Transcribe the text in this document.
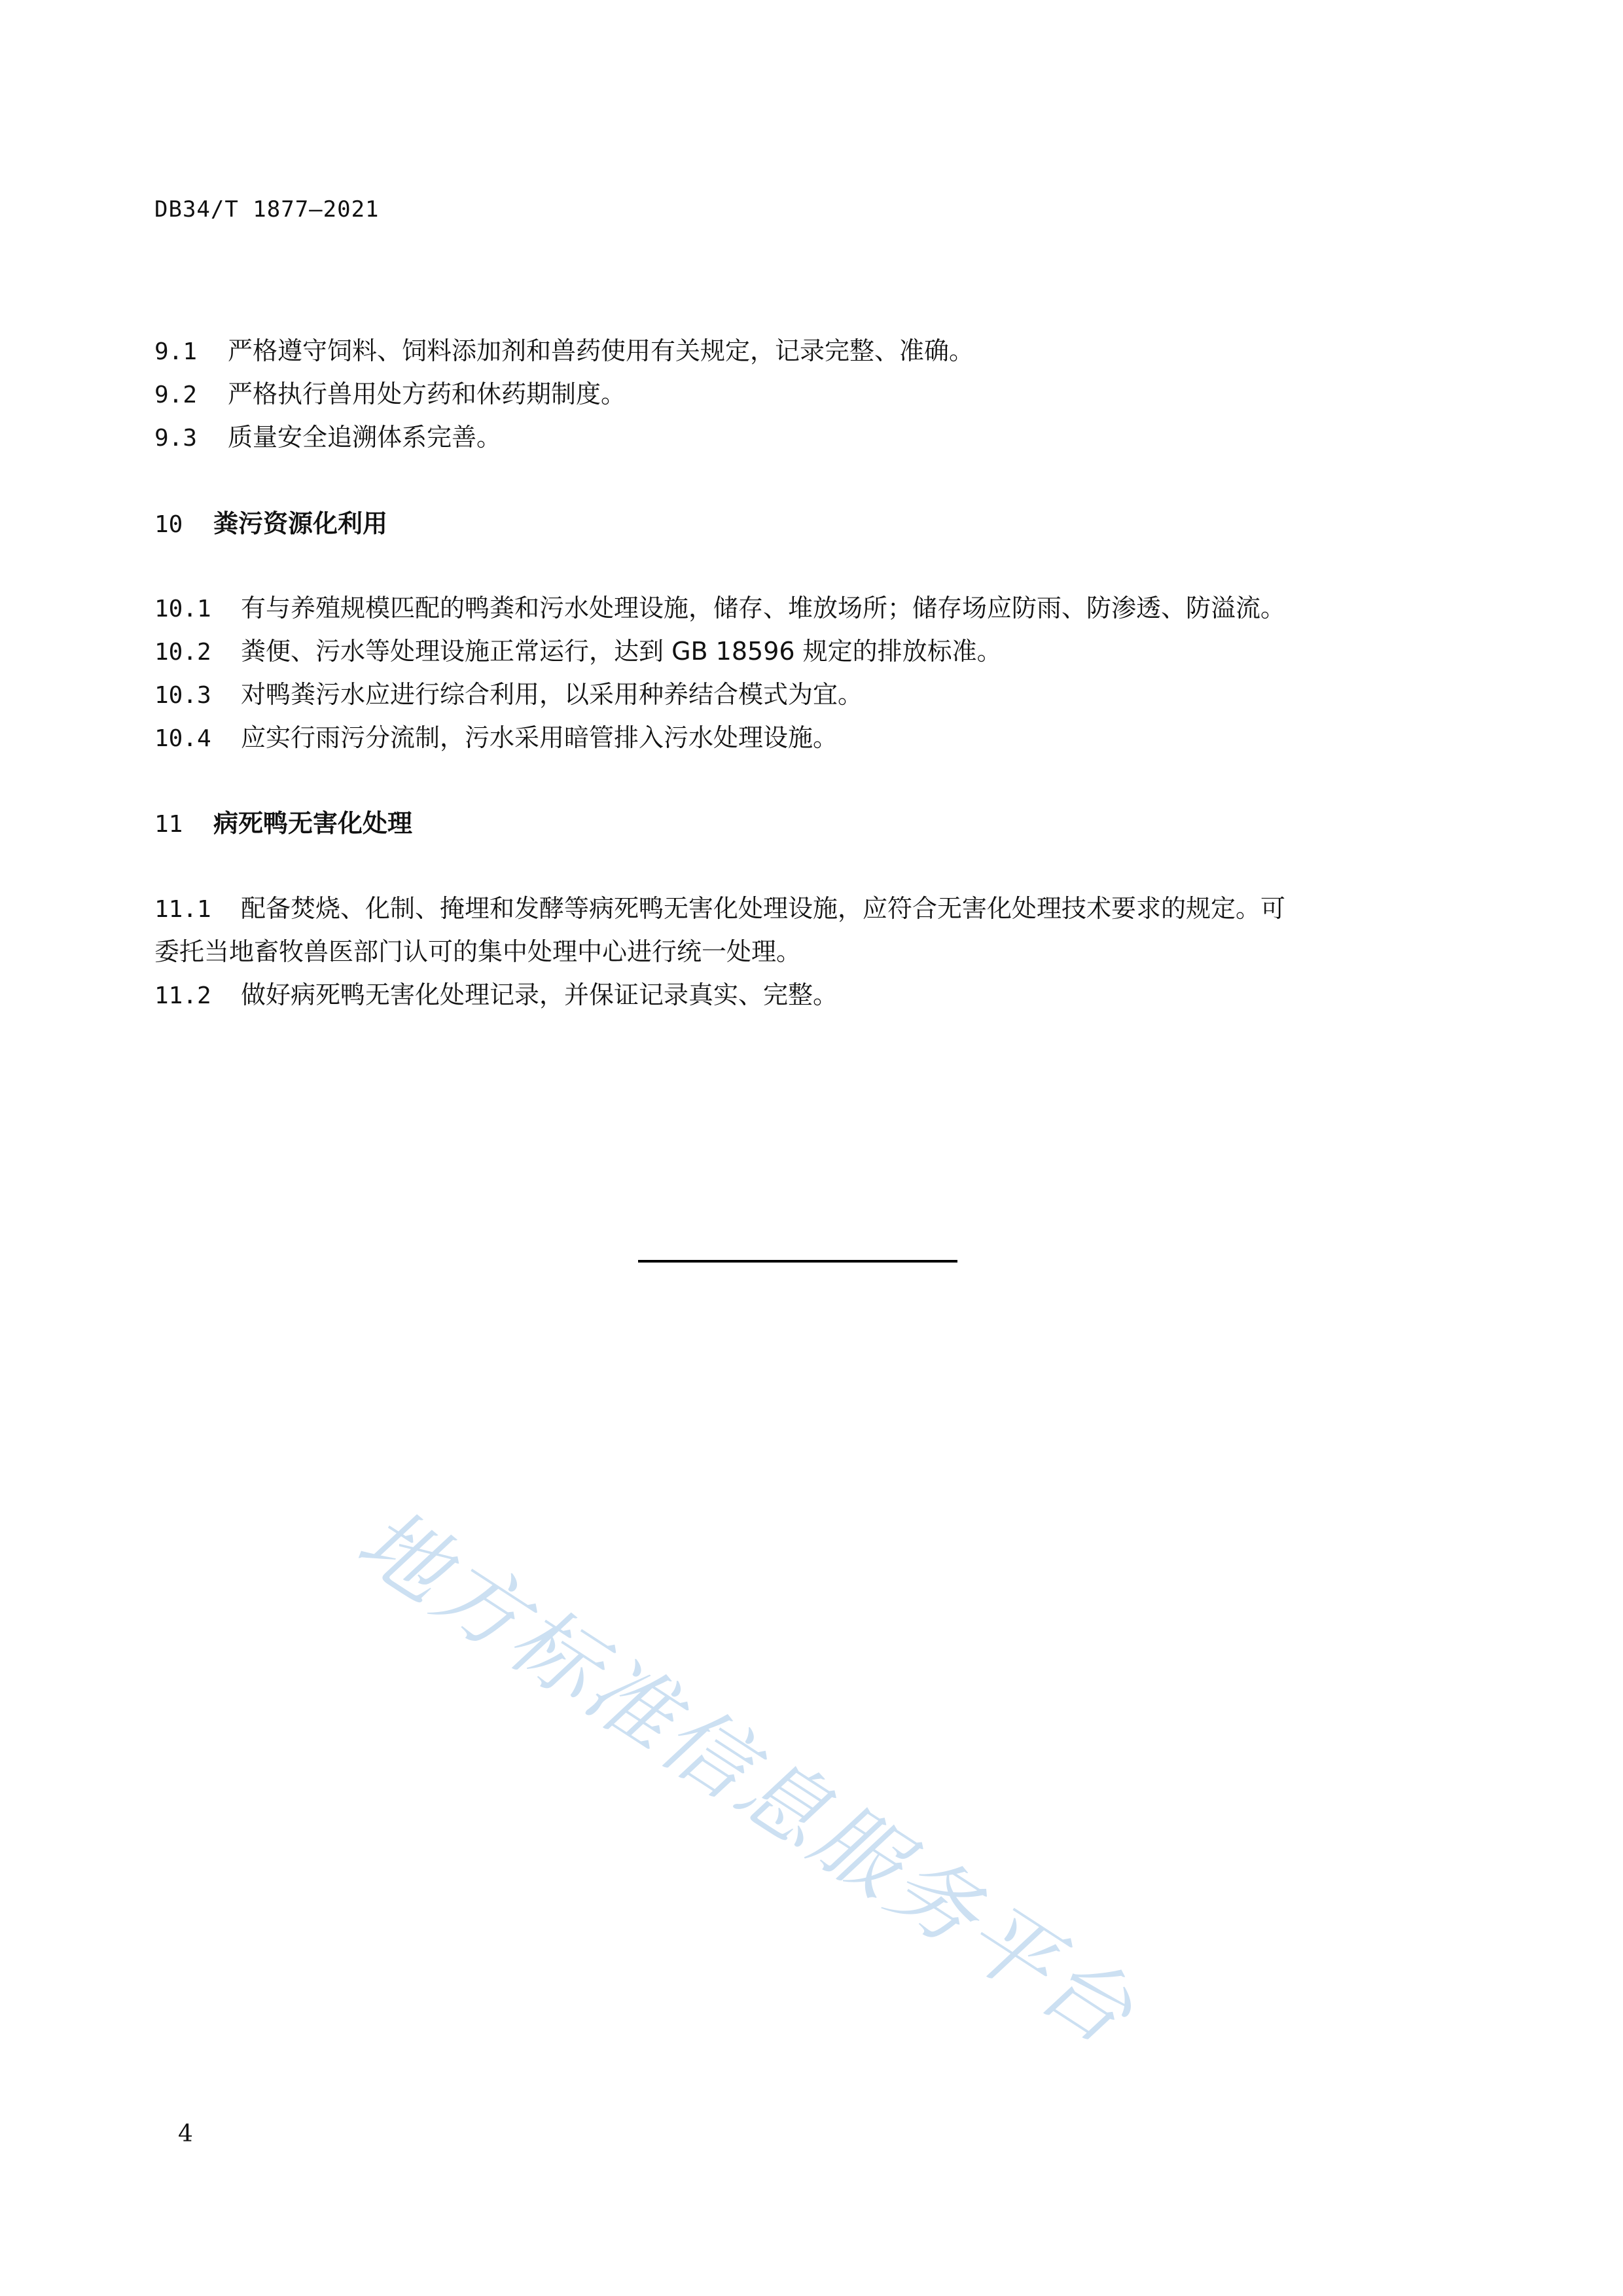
DB34/T 1877—2021
9.1 严格遵守饲料、饲料添加剂和兽药使用有关规定，记录完整、准确。
9.2 严格执行兽用处方药和休药期制度。
9.3 质量安全追溯体系完善。
10 粪污资源化利用
10.1 有与养殖规模匹配的鸭粪和污水处理设施，储存、堆放场所；储存场应防雨、防渗透、防溢流。
10.2 粪便、污水等处理设施正常运行，达到 GB 18596 规定的排放标准。
10.3 对鸭粪污水应进行综合利用，以采用种养结合模式为宜。
10.4 应实行雨污分流制，污水采用暗管排入污水处理设施。
11 病死鸭无害化处理
11.1 配备焚烧、化制、掩埋和发酵等病死鸭无害化处理设施，应符合无害化处理技术要求的规定。可
委托当地畜牧兽医部门认可的集中处理中心进行统一处理。
11.2 做好病死鸭无害化处理记录，并保证记录真实、完整。
地方标准信息服务平台
4
